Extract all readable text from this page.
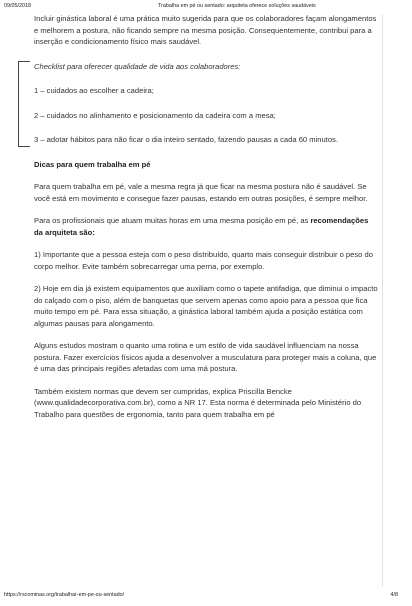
09/05/2018	Trabalha em pé ou sentado: arquiteta oferece soluções saudáveis

Incluir ginástica laboral é uma prática muito sugerida para que os colaboradores façam alongamentos e melhorem a postura, não ficando sempre na mesma posição. Consequentemente, contribui para a inserção e condicionamento físico mais saudável.

Checklist para oferecer qualidade de vida aos colaboradores:

1 – cuidados ao escolher a cadeira;

2 – cuidados no alinhamento e posicionamento da cadeira com a mesa;

3 – adotar hábitos para não ficar o dia inteiro sentado, fazendo pausas a cada 60 minutos.

Dicas para quem trabalha em pé

Para quem trabalha em pé, vale a mesma regra já que ficar na mesma postura não é saudável. Se você está em movimento e consegue fazer pausas, estando em outras posições, é sempre melhor.

Para os profissionais que atuam muitas horas em uma mesma posição em pé, as recomendações da arquiteta são:

1) Importante que a pessoa esteja com o peso distribuído, quarto mais conseguir distribuir o peso do corpo melhor. Evite também sobrecarregar uma perna, por exemplo.

2) Hoje em dia já existem equipamentos que auxiliam como o tapete antifadiga, que diminui o impacto do calçado com o piso, além de banquetas que servem apenas como apoio para a pessoa que fica muito tempo em pé. Para essa situação, a ginástica laboral também ajuda a posição estática com algumas pausas para alongamento.

Alguns estudos mostram o quanto uma rotina e um estilo de vida saudável influenciam na nossa postura. Fazer exercícios físicos ajuda a desenvolver a musculatura para proteger mais a coluna, que é uma das principais regiões afetadas com uma má postura.

Também existem normas que devem ser cumpridas, explica Priscilla Bencke (www.qualidadecorporativa.com.br), como a NR 17. Esta norma é determinada pelo Ministério do Trabalho para questões de ergonomia, tanto para quem trabalha em pé

https://rscominas.org/trabalhar-em-pe-ou-sentado/	4/8
